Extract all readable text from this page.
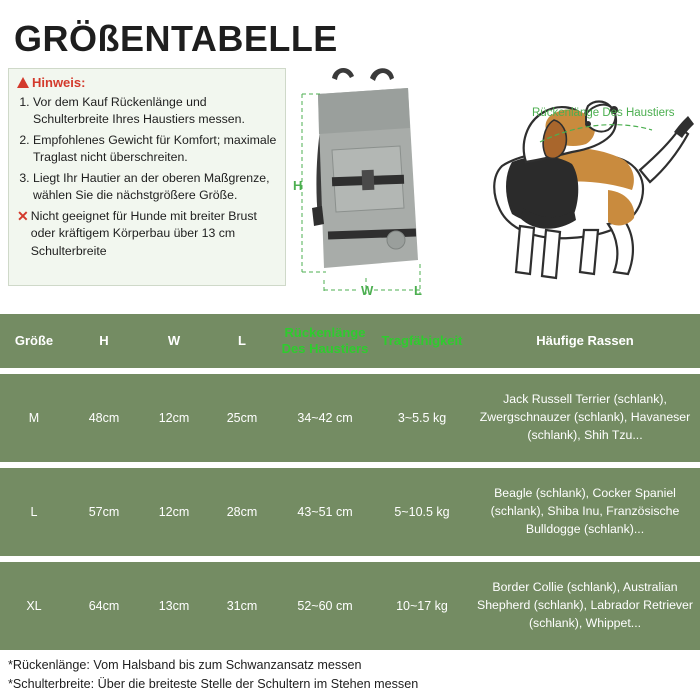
GRÖßENTABELLE
Hinweis:
1. Vor dem Kauf Rückenlänge und Schulterbreite Ihres Haustiers messen.
2. Empfohlenes Gewicht für Komfort; maximale Traglast nicht überschreiten.
3. Liegt Ihr Hautier an der oberen Maßgrenze, wählen Sie die nächstgrößere Größe.
✕ Nicht geeignet für Hunde mit breiter Brust oder kräftigem Körperbau über 13 cm Schulterbreite
H
W	L
Rückenlänge Des Haustiers
Größe	H	W	L	Rückenlänge Des Haustiers	Tragfähigkeit	Häufige Rassen
M	48cm	12cm	25cm	34~42 cm	3~5.5 kg	Jack Russell Terrier (schlank), Zwergschnauzer (schlank), Havaneser (schlank), Shih Tzu...
L	57cm	12cm	28cm	43~51 cm	5~10.5 kg	Beagle (schlank), Cocker Spaniel (schlank), Shiba Inu, Französische Bulldogge (schlank)...
XL	64cm	13cm	31cm	52~60 cm	10~17 kg	Border Collie (schlank), Australian Shepherd (schlank), Labrador Retriever (schlank), Whippet...
*Rückenlänge: Vom Halsband bis zum Schwanzansatz messen
*Schulterbreite: Über die breiteste Stelle der Schultern im Stehen messen
